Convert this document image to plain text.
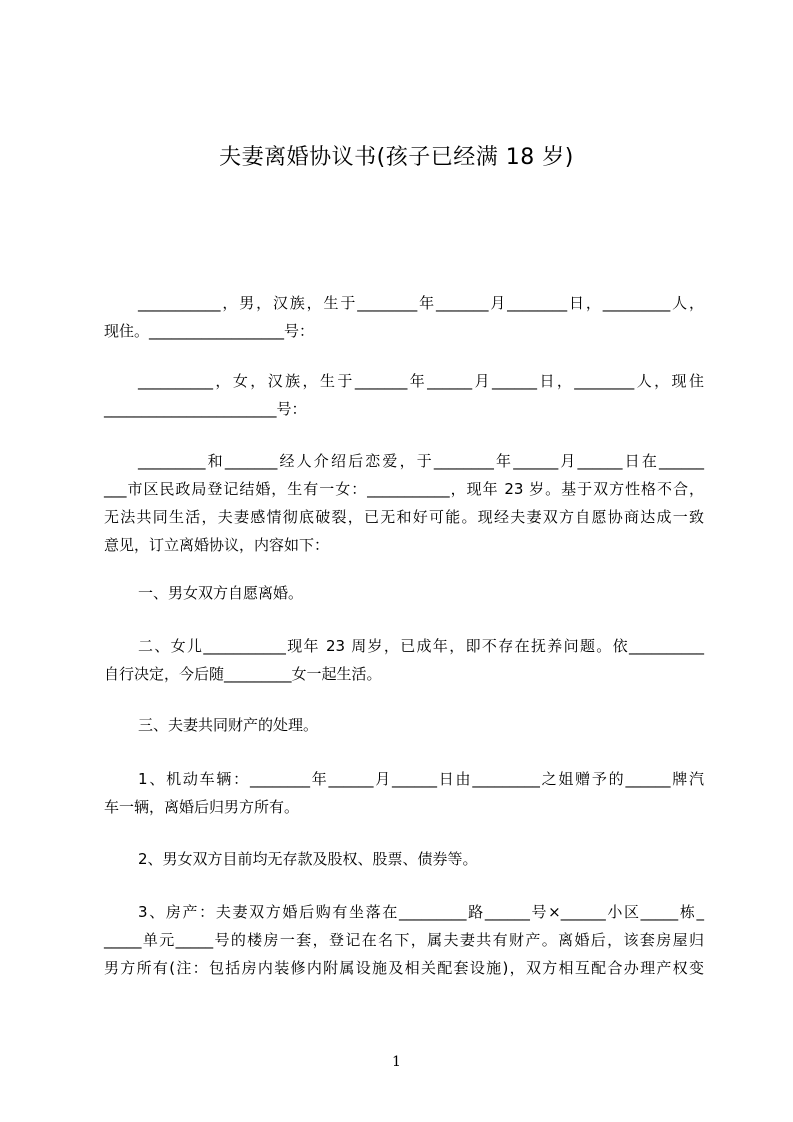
夫妻离婚协议书(孩子已经满 18 岁)
___________，男，汉族，生于________年_______月________日，_________人，
现住。__________________号：
__________，女，汉族，生于_______年______月______日，________人，现住
_______________________号：
_________和_______经人介绍后恋爱，于________年______月______日在______
___市区民政局登记结婚，生有一女：___________，现年 23 岁。基于双方性格不合，
无法共同生活，夫妻感情彻底破裂，已无和好可能。现经夫妻双方自愿协商达成一致
意见，订立离婚协议，内容如下：
一、男女双方自愿离婚。
二、女儿___________现年 23 周岁，已成年，即不存在抚养问题。依__________
自行决定，今后随_________女一起生活。
三、夫妻共同财产的处理。
1、机动车辆：________年______月______日由_________之姐赠予的______牌汽
车一辆，离婚后归男方所有。
2、男女双方目前均无存款及股权、股票、债券等。
3、房产：夫妻双方婚后购有坐落在_________路______号×______小区_____栋_
_____单元_____号的楼房一套，登记在名下，属夫妻共有财产。离婚后，该套房屋归
男方所有(注：包括房内装修内附属设施及相关配套设施)，双方相互配合办理产权变
1
